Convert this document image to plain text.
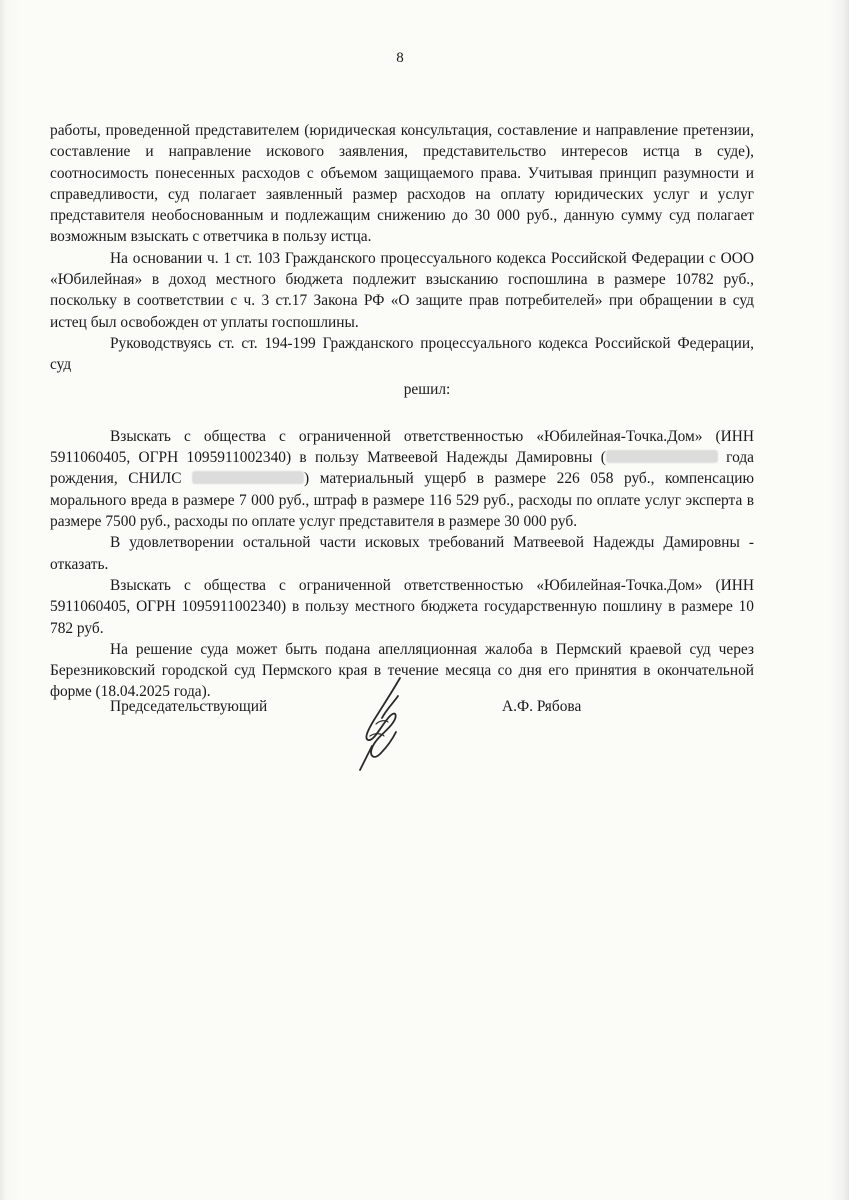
8

работы, проведенной представителем (юридическая консультация, составление и направление претензии, составление и направление искового заявления, представительство интересов истца в суде), соотносимость понесенных расходов с объемом защищаемого права. Учитывая принцип разумности и справедливости, суд полагает заявленный размер расходов на оплату юридических услуг и услуг представителя необоснованным и подлежащим снижению до 30 000 руб., данную сумму суд полагает возможным взыскать с ответчика в пользу истца.

На основании ч. 1 ст. 103 Гражданского процессуального кодекса Российской Федерации с ООО «Юбилейная» в доход местного бюджета подлежит взысканию госпошлина в размере 10782 руб., поскольку в соответствии с ч. 3 ст.17 Закона РФ «О защите прав потребителей» при обращении в суд истец был освобожден от уплаты госпошлины.

Руководствуясь ст. ст. 194-199 Гражданского процессуального кодекса Российской Федерации, суд

решил:

Взыскать с общества с ограниченной ответственностью «Юбилейная-Точка.Дом» (ИНН 5911060405, ОГРН 1095911002340) в пользу Матвеевой Надежды Дамировны (	года рождения, СНИЛС	) материальный ущерб в размере 226 058 руб., компенсацию морального вреда в размере 7 000 руб., штраф в размере 116 529 руб., расходы по оплате услуг эксперта в размере 7500 руб., расходы по оплате услуг представителя в размере 30 000 руб.

В удовлетворении остальной части исковых требований Матвеевой Надежды Дамировны - отказать.

Взыскать с общества с ограниченной ответственностью «Юбилейная-Точка.Дом» (ИНН 5911060405, ОГРН 1095911002340) в пользу местного бюджета государственную пошлину в размере 10 782 руб.

На решение суда может быть подана апелляционная жалоба в Пермский краевой суд через Березниковский городской суд Пермского края в течение месяца со дня его принятия в окончательной форме (18.04.2025 года).

Председательствующий	А.Ф. Рябова
